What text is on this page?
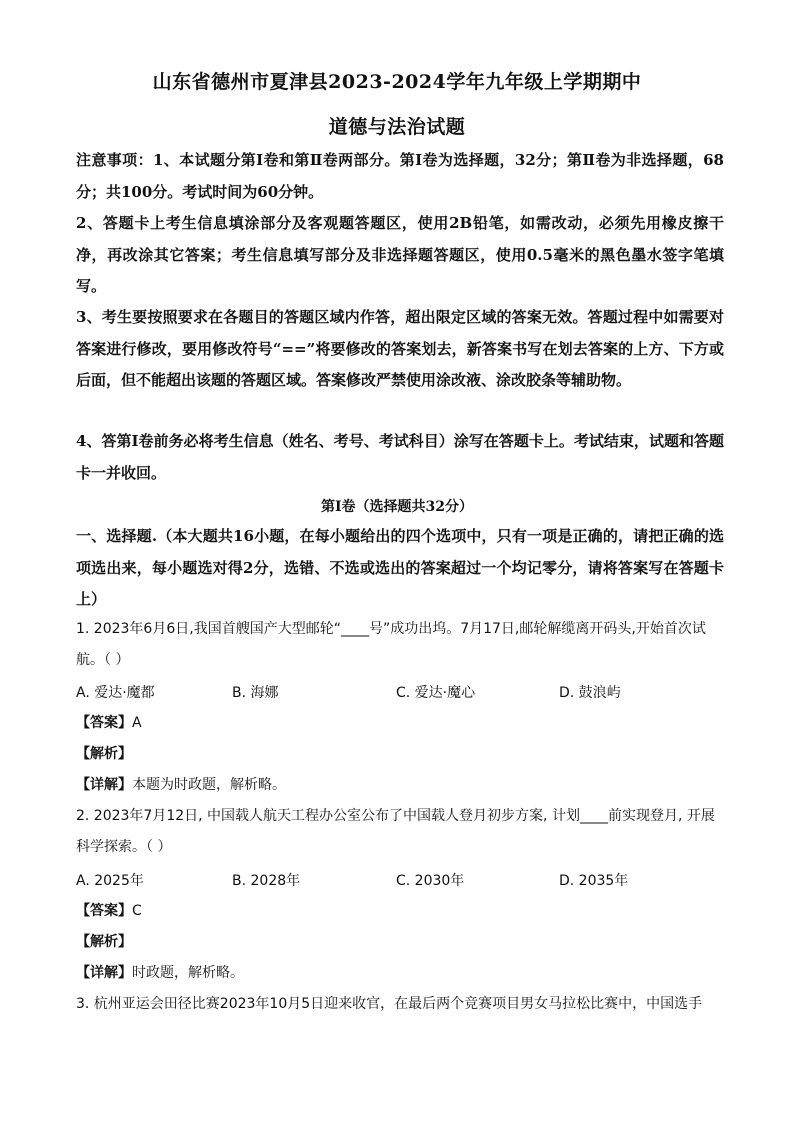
山东省德州市夏津县2023-2024学年九年级上学期期中
道德与法治试题
注意事项：1、本试题分第Ⅰ卷和第Ⅱ卷两部分。第Ⅰ卷为选择题，32分；第Ⅱ卷为非选择题，68分；共100分。考试时间为60分钟。
2、答题卡上考生信息填涂部分及客观题答题区，使用2B铅笔，如需改动，必须先用橡皮擦干净，再改涂其它答案；考生信息填写部分及非选择题答题区，使用0.5毫米的黑色墨水签字笔填写。
3、考生要按照要求在各题目的答题区域内作答，超出限定区域的答案无效。答题过程中如需要对答案进行修改，要用修改符号“==”将要修改的答案划去，新答案书写在划去答案的上方、下方或后面，但不能超出该题的答题区域。答案修改严禁使用涂改液、涂改胶条等辅助物。
4、答第Ⅰ卷前务必将考生信息（姓名、考号、考试科目）涂写在答题卡上。考试结束，试题和答题卡一并收回。
第Ⅰ卷（选择题共32分）
一、选择题.（本大题共16小题，在每小题给出的四个选项中，只有一项是正确的，请把正确的选项选出来，每小题选对得2分，选错、不选或选出的答案超过一个均记零分，请将答案写在答题卡上）
1. 2023年6月6日,我国首艘国产大型邮轮“____号”成功出坞。7月17日,邮轮解缆离开码头,开始首次试航。（ ）
A. 爱达·魔都	B. 海娜	C. 爱达·魔心	D. 鼓浪屿
【答案】A
【解析】
【详解】本题为时政题，解析略。
2. 2023年7月12日, 中国载人航天工程办公室公布了中国载人登月初步方案, 计划____前实现登月, 开展科学探索。（ ）
A. 2025年	B. 2028年	C. 2030年	D. 2035年
【答案】C
【解析】
【详解】时政题，解析略。
3. 杭州亚运会田径比赛2023年10月5日迎来收官，在最后两个竞赛项目男女马拉松比赛中，中国选手
